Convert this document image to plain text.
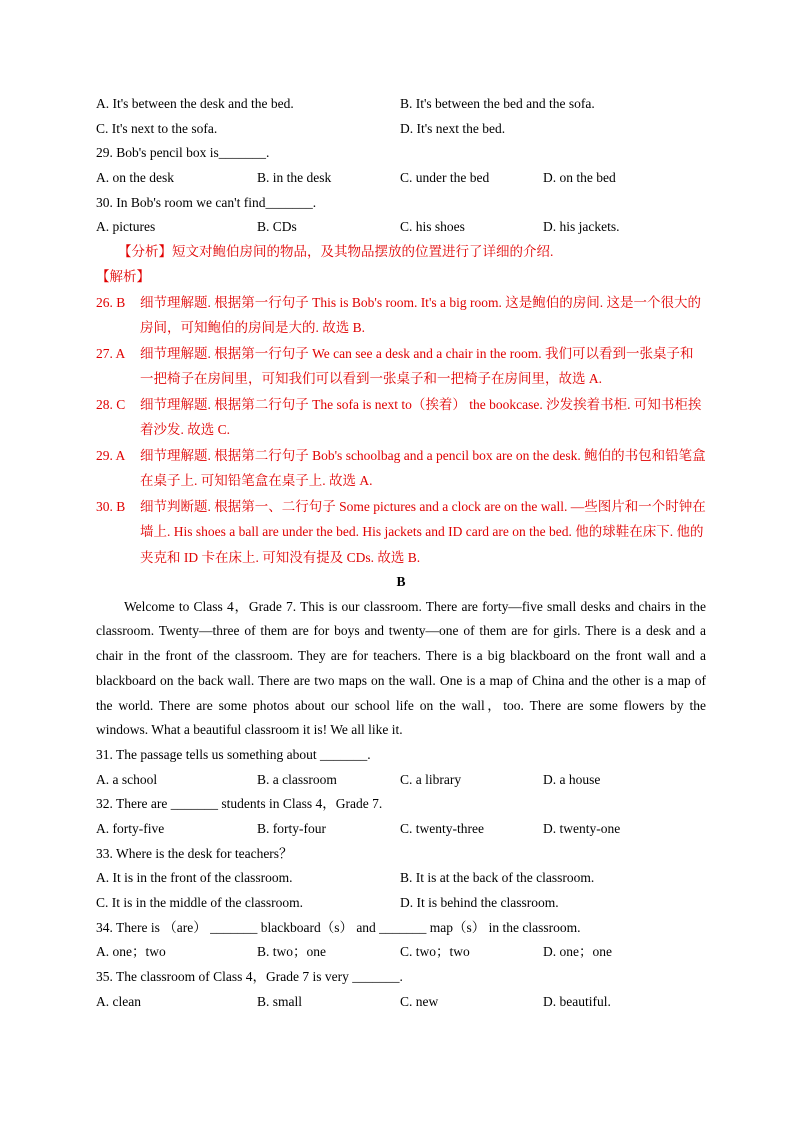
A. It's between the desk and the bed.	B. It's between the bed and the sofa.
C. It's next to the sofa.	D. It's next the bed.
29. Bob's pencil box is_______.
A. on the desk	B. in the desk	C. under the bed	D. on the bed
30. In Bob's room we can't find_______.
A. pictures	B. CDs	C. his shoes	D. his jackets.
【分析】短文对鲍伯房间的物品，及其物品摆放的位置进行了详细的介绍.
【解析】
26. B	细节理解题. 根据第一行句子 This is Bob's room. It's a big room. 这是鲍伯的房间. 这是一个很大的房间，可知鲍伯的房间是大的. 故选 B.
27. A	细节理解题. 根据第一行句子 We can see a desk and a chair in the room. 我们可以看到一张桌子和一把椅子在房间里，可知我们可以看到一张桌子和一把椅子在房间里，故选 A.
28. C	细节理解题. 根据第二行句子 The sofa is next to（挨着） the bookcase. 沙发挨着书柜. 可知书柜挨着沙发. 故选 C.
29. A	细节理解题. 根据第二行句子 Bob's schoolbag and a pencil box are on the desk. 鲍伯的书包和铅笔盒在桌子上. 可知铅笔盒在桌子上. 故选 A.
30. B	细节判断题. 根据第一、二行句子 Some pictures and a clock are on the wall. —些图片和一个时钟在墙上. His shoes a ball are under the bed. His jackets and ID card are on the bed. 他的球鞋在床下. 他的夹克和 ID 卡在床上. 可知没有提及 CDs. 故选 B.
B
Welcome to Class 4，Grade 7. This is our classroom. There are forty—five small desks and chairs in the classroom. Twenty—three of them are for boys and twenty—one of them are for girls. There is a desk and a chair in the front of the classroom. They are for teachers. There is a big blackboard on the front wall and a blackboard on the back wall. There are two maps on the wall. One is a map of China and the other is a map of the world. There are some photos about our school life on the wall，too. There are some flowers by the windows. What a beautiful classroom it is! We all like it.
31. The passage tells us something about _______.
A. a school	B. a classroom	C. a library	D. a house
32. There are _______ students in Class 4，Grade 7.
A. forty-five	B. forty-four	C. twenty-three	D. twenty-one
33. Where is the desk for teachers？
A. It is in the front of the classroom.	B. It is at the back of the classroom.
C. It is in the middle of the classroom.	D. It is behind the classroom.
34. There is （are） _______ blackboard（s） and _______ map（s） in the classroom.
A. one；two	B. two；one	C. two；two	D. one；one
35. The classroom of Class 4，Grade 7 is very _______.
A. clean	B. small	C. new	D. beautiful.
